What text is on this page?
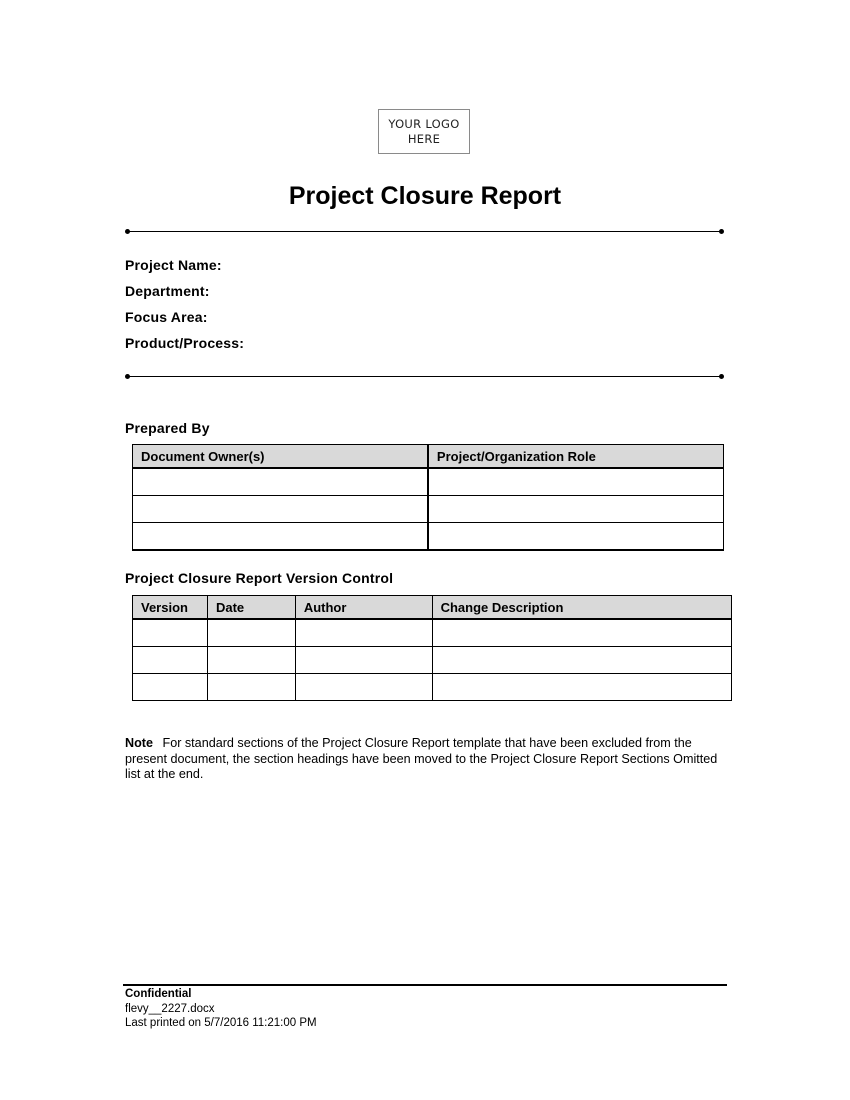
YOUR LOGO
HERE
Project Closure Report
Project Name:
Department:
Focus Area:
Product/Process:
Prepared By
Document Owner(s)	Project/Organization Role

Project Closure Report Version Control
Version	Date	Author	Change Description

Note For standard sections of the Project Closure Report template that have been excluded from the present document, the section headings have been moved to the Project Closure Report Sections Omitted list at the end.
Confidential
flevy__2227.docx
Last printed on 5/7/2016 11:21:00 PM
